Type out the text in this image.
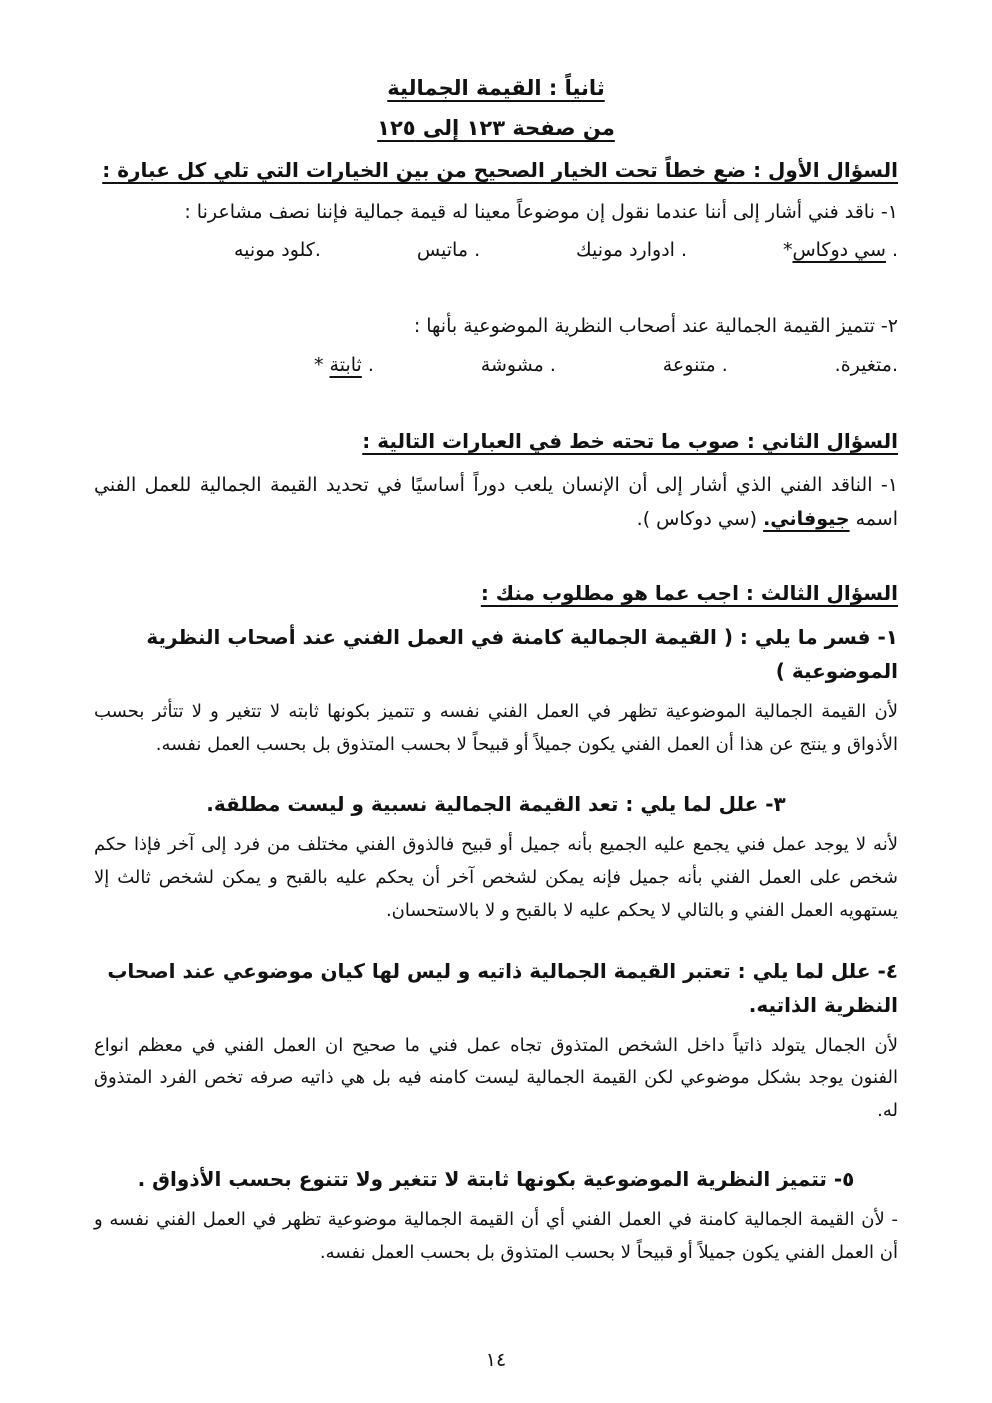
ثانياً : القيمة الجمالية
من صفحة ١٢٣ إلى ١٢٥
السؤال الأول : ضع خطاً تحت الخيار الصحيح من بين الخيارات التي تلي كل عبارة :
١- ناقد فني أشار إلى أننا عندما نقول إن موضوعاً معينا له قيمة جمالية فإننا نصف مشاعرنا :
. سي دوكاس*
. ادوارد مونيك
. ماتيس
.كلود مونيه
٢- تتميز القيمة الجمالية عند أصحاب النظرية الموضوعية بأنها :
.متغيرة.
. متنوعة
. مشوشة
. ثابتة *
السؤال الثاني : صوب ما تحته خط في العبارات التالية :

١- الناقد الفني الذي أشار إلى أن الإنسان يلعب دوراً أساسيًا في تحديد القيمة الجمالية للعمل الفني اسمه جيوفاني. (سي دوكاس ).

السؤال الثالث : اجب عما هو مطلوب منك :
١- فسر ما يلي : ( القيمة الجمالية كامنة في العمل الفني عند أصحاب النظرية الموضوعية )

لأن القيمة الجمالية الموضوعية تظهر في العمل الفني نفسه و تتميز بكونها ثابته لا تتغير و لا تتأثر بحسب الأذواق و ينتج عن هذا أن العمل الفني يكون جميلاً أو قبيحاً لا بحسب المتذوق بل بحسب العمل نفسه.

٣- علل لما يلي : تعد القيمة الجمالية نسبية و ليست مطلقة.

لأنه لا يوجد عمل فني يجمع عليه الجميع بأنه جميل أو قبيح فالذوق الفني مختلف من فرد إلى آخر فإذا حكم شخص على العمل الفني بأنه جميل فإنه يمكن لشخص آخر أن يحكم عليه بالقبح و يمكن لشخص ثالث إلا يستهويه العمل الفني و بالتالي لا يحكم عليه لا بالقبح و لا بالاستحسان.

٤- علل لما يلي : تعتبر القيمة الجمالية ذاتيه و ليس لها كيان موضوعي عند اصحاب النظرية الذاتيه.

لأن الجمال يتولد ذاتياً داخل الشخص المتذوق تجاه عمل فني ما صحيح ان العمل الفني في معظم انواع الفنون يوجد بشكل موضوعي لكن القيمة الجمالية ليست كامنه فيه بل هي ذاتيه صرفه تخص الفرد المتذوق له.

٥- تتميز النظرية الموضوعية بكونها ثابتة لا تتغير ولا تتنوع بحسب الأذواق .

- لأن القيمة الجمالية كامنة في العمل الفني أي أن القيمة الجمالية موضوعية تظهر في العمل الفني نفسه و أن العمل الفني يكون جميلاً أو قبيحاً لا بحسب المتذوق بل بحسب العمل نفسه.

١٤
